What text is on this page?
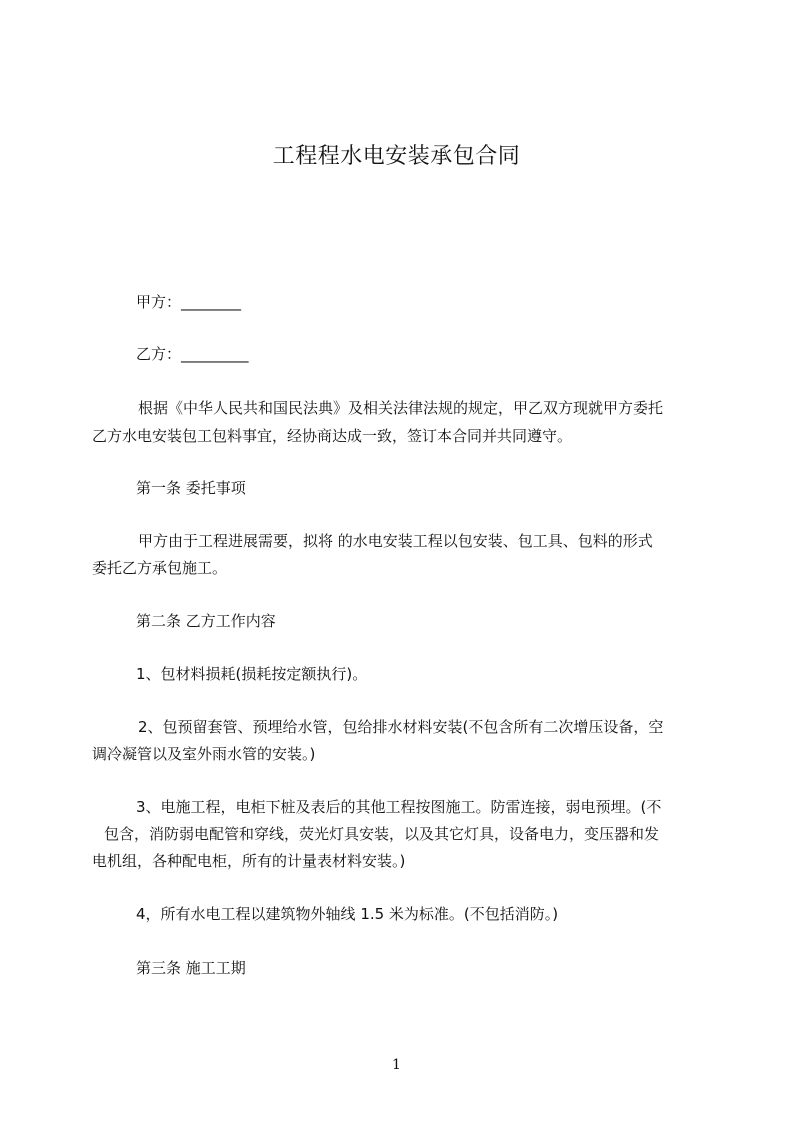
工程程水电安装承包合同
甲方：________
乙方：_________
根据《中华人民共和国民法典》及相关法律法规的规定，甲乙双方现就甲方委托
乙方水电安装包工包料事宜，经协商达成一致，签订本合同并共同遵守。
第一条 委托事项
甲方由于工程进展需要，拟将 的水电安装工程以包安装、包工具、包料的形式
委托乙方承包施工。
第二条 乙方工作内容
1、包材料损耗(损耗按定额执行)。
2、包预留套管、预埋给水管，包给排水材料安装(不包含所有二次增压设备，空
调冷凝管以及室外雨水管的安装。)
3、电施工程，电柜下桩及表后的其他工程按图施工。防雷连接，弱电预埋。(不
包含，消防弱电配管和穿线，荧光灯具安装，以及其它灯具，设备电力，变压器和发
电机组，各种配电柜，所有的计量表材料安装。)
4，所有水电工程以建筑物外轴线 1.5 米为标准。(不包括消防。)
第三条 施工工期
1
